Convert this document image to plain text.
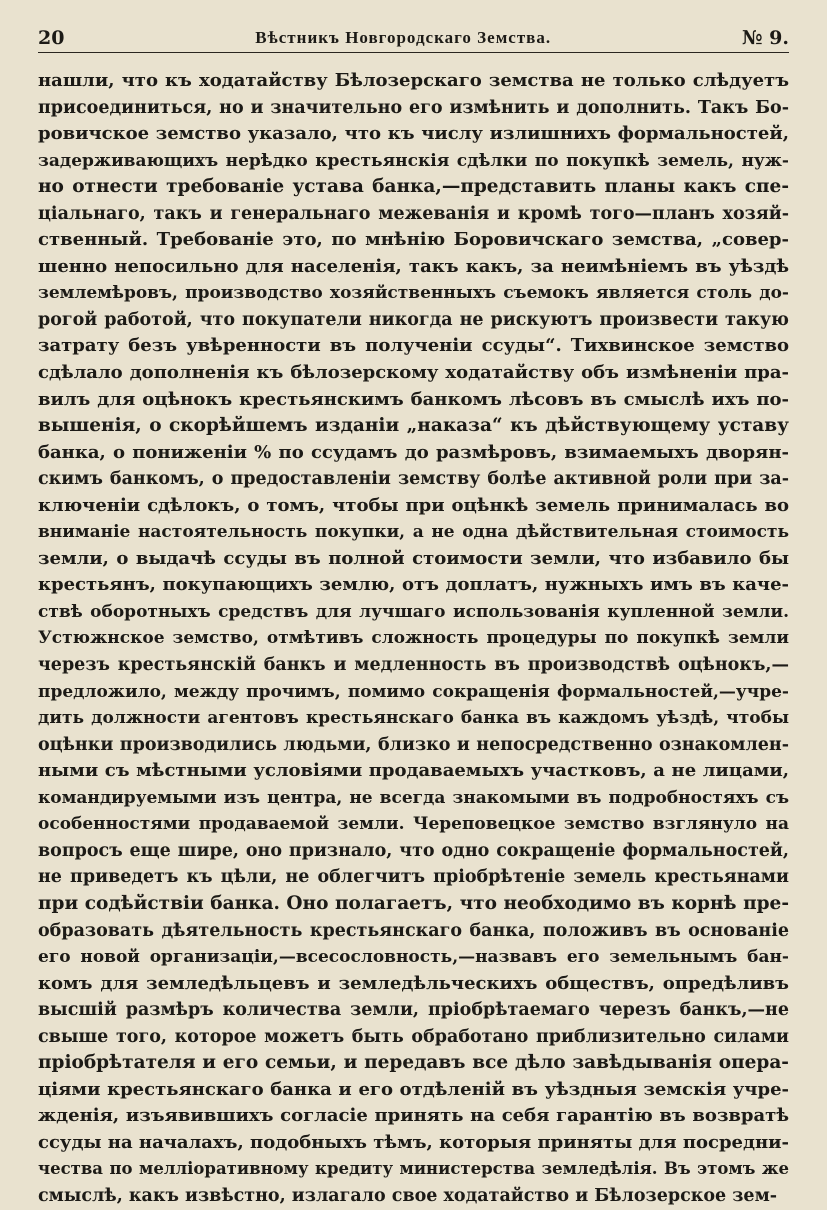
20	Вѣстникъ Новгородскаго Земства.	№ 9.
нашли, что къ ходатайству Бѣлозерскаго земства не только слѣдуетъ
присоединиться, но и значительно его измѣнить и дополнить. Такъ Бо-
ровичское земство указало, что къ числу излишнихъ формальностей,
задерживающихъ нерѣдко крестьянскія сдѣлки по покупкѣ земель, нуж-
но отнести требованіе устава банка,—представить планы какъ спе-
ціальнаго, такъ и генеральнаго межеванія и кромѣ того—планъ хозяй-
ственный. Требованіе это, по мнѣнію Боровичскаго земства, „совер-
шенно непосильно для населенія, такъ какъ, за неимѣніемъ въ уѣздѣ
землемѣровъ, производство хозяйственныхъ съемокъ является столь до-
рогой работой, что покупатели никогда не рискуютъ произвести такую
затрату безъ увѣренности въ полученіи ссуды“. Тихвинское земство
сдѣлало дополненія къ бѣлозерскому ходатайству объ измѣненіи пра-
вилъ для оцѣнокъ крестьянскимъ банкомъ лѣсовъ въ смыслѣ ихъ по-
вышенія, о скорѣйшемъ изданіи „наказа“ къ дѣйствующему уставу
банка, о пониженіи % по ссудамъ до размѣровъ, взимаемыхъ дворян-
скимъ банкомъ, о предоставленіи земству болѣе активной роли при за-
ключеніи сдѣлокъ, о томъ, чтобы при оцѣнкѣ земель принималась во
вниманіе настоятельность покупки, а не одна дѣйствительная стоимость
земли, о выдачѣ ссуды въ полной стоимости земли, что избавило бы
крестьянъ, покупающихъ землю, отъ доплатъ, нужныхъ имъ въ каче-
ствѣ оборотныхъ средствъ для лучшаго использованія купленной земли.
Устюжнское земство, отмѣтивъ сложность процедуры по покупкѣ земли
черезъ крестьянскій банкъ и медленность въ производствѣ оцѣнокъ,—
предложило, между прочимъ, помимо сокращенія формальностей,—учре-
дить должности агентовъ крестьянскаго банка въ каждомъ уѣздѣ, чтобы
оцѣнки производились людьми, близко и непосредственно ознакомлен-
ными съ мѣстными условіями продаваемыхъ участковъ, а не лицами,
командируемыми изъ центра, не всегда знакомыми въ подробностяхъ съ
особенностями продаваемой земли. Череповецкое земство взглянуло на
вопросъ еще шире, оно признало, что одно сокращеніе формальностей,
не приведетъ къ цѣли, не облегчитъ пріобрѣтеніе земель крестьянами
при содѣйствіи банка. Оно полагаетъ, что необходимо въ корнѣ пре-
образовать дѣятельность крестьянскаго банка, положивъ въ основаніе
его новой организаціи,—всесословность,—назвавъ его земельнымъ бан-
комъ для земледѣльцевъ и земледѣльческихъ обществъ, опредѣливъ
высшій размѣръ количества земли, пріобрѣтаемаго черезъ банкъ,—не
свыше того, которое можетъ быть обработано приблизительно силами
пріобрѣтателя и его семьи, и передавъ все дѣло завѣдыванія опера-
ціями крестьянскаго банка и его отдѣленій въ уѣздныя земскія учре-
жденія, изъявившихъ согласіе принять на себя гарантію въ возвратѣ
ссуды на началахъ, подобныхъ тѣмъ, которыя приняты для посредни-
чества по мелліоративному кредиту министерства земледѣлія. Въ этомъ же
смыслѣ, какъ извѣстно, излагало свое ходатайство и Бѣлозерское зем-
